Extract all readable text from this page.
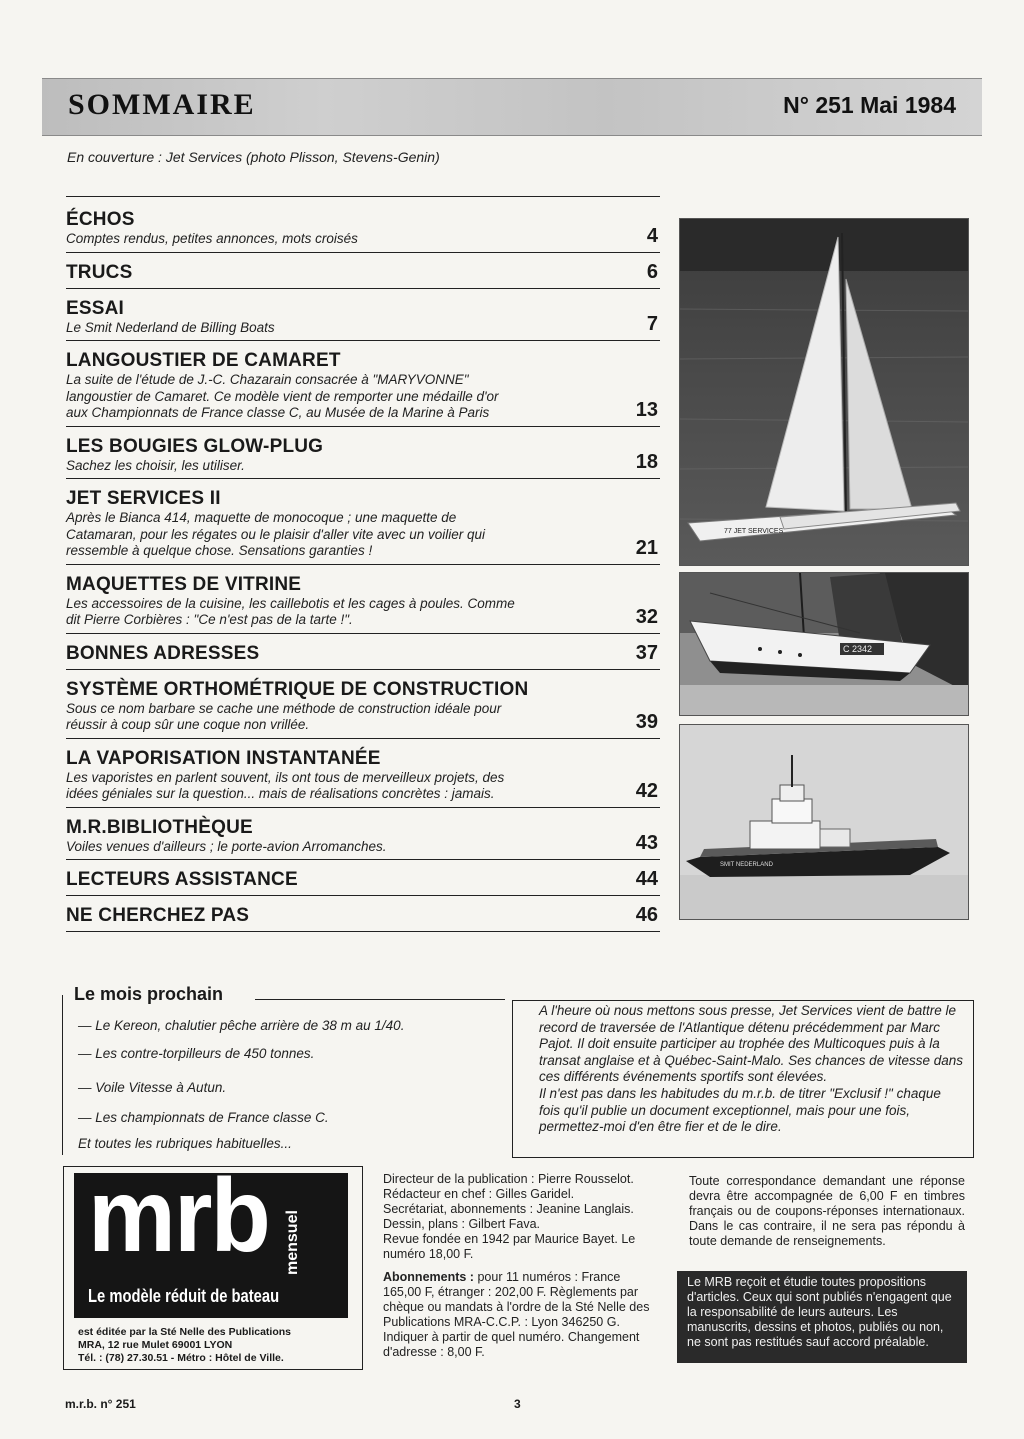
SOMMAIRE	N° 251 Mai 1984
En couverture : Jet Services (photo Plisson, Stevens-Genin)
ÉCHOS
Comptes rendus, petites annonces, mots croisés	4
TRUCS	6
ESSAI
Le Smit Nederland de Billing Boats	7
LANGOUSTIER DE CAMARET
La suite de l'étude de J.-C. Chazarain consacrée à "MARYVONNE" langoustier de Camaret. Ce modèle vient de remporter une médaille d'or aux Championnats de France classe C, au Musée de la Marine à Paris	13
LES BOUGIES GLOW-PLUG
Sachez les choisir, les utiliser.	18
JET SERVICES II
Après le Bianca 414, maquette de monocoque ; une maquette de Catamaran, pour les régates ou le plaisir d'aller vite avec un voilier qui ressemble à quelque chose. Sensations garanties !	21
MAQUETTES DE VITRINE
Les accessoires de la cuisine, les caillebotis et les cages à poules. Comme dit Pierre Corbières : "Ce n'est pas de la tarte !".	32
BONNES ADRESSES	37
SYSTÈME ORTHOMÉTRIQUE DE CONSTRUCTION
Sous ce nom barbare se cache une méthode de construction idéale pour réussir à coup sûr une coque non vrillée.	39
LA VAPORISATION INSTANTANÉE
Les vaporistes en parlent souvent, ils ont tous de merveilleux projets, des idées géniales sur la question... mais de réalisations concrètes : jamais.	42
M.R.BIBLIOTHÈQUE
Voiles venues d'ailleurs ; le porte-avion Arromanches.	43
LECTEURS ASSISTANCE	44
NE CHERCHEZ PAS	46
77 JET SERVICES
C 2342
SMIT NEDERLAND
Le mois prochain
— Le Kereon, chalutier pêche arrière de 38 m au 1/40.
— Les contre-torpilleurs de 450 tonnes.
— Voile Vitesse à Autun.
— Les championnats de France classe C.
Et toutes les rubriques habituelles...
A l'heure où nous mettons sous presse, Jet Services vient de battre le record de traversée de l'Atlantique détenu précédemment par Marc Pajot. Il doit ensuite participer au trophée des Multicoques puis à la transat anglaise et à Québec-Saint-Malo. Ses chances de vitesse dans ces différents événements sportifs sont élevées.
Il n'est pas dans les habitudes du m.r.b. de titrer "Exclusif !" chaque fois qu'il publie un document exceptionnel, mais pour une fois, permettez-moi d'en être fier et de le dire.
mrb mensuel
Le modèle réduit de bateau
est éditée par la Sté Nelle des Publications
MRA, 12 rue Mulet 69001 LYON
Tél. : (78) 27.30.51 - Métro : Hôtel de Ville.
Directeur de la publication : Pierre Rousselot.
Rédacteur en chef : Gilles Garidel.
Secrétariat, abonnements : Jeanine Langlais.
Dessin, plans : Gilbert Fava.
Revue fondée en 1942 par Maurice Bayet. Le numéro 18,00 F.
Abonnements : pour 11 numéros : France 165,00 F, étranger : 202,00 F. Règlements par chèque ou mandats à l'ordre de la Sté Nelle des Publications MRA-C.C.P. : Lyon 346250 G. Indiquer à partir de quel numéro. Changement d'adresse : 8,00 F.
Toute correspondance demandant une réponse devra être accompagnée de 6,00 F en timbres français ou de coupons-réponses internationaux. Dans le cas contraire, il ne sera pas répondu à toute demande de renseignements.
Le MRB reçoit et étudie toutes propositions d'articles. Ceux qui sont publiés n'engagent que la responsabilité de leurs auteurs. Les manuscrits, dessins et photos, publiés ou non, ne sont pas restitués sauf accord préalable.
m.r.b. n° 251	3
